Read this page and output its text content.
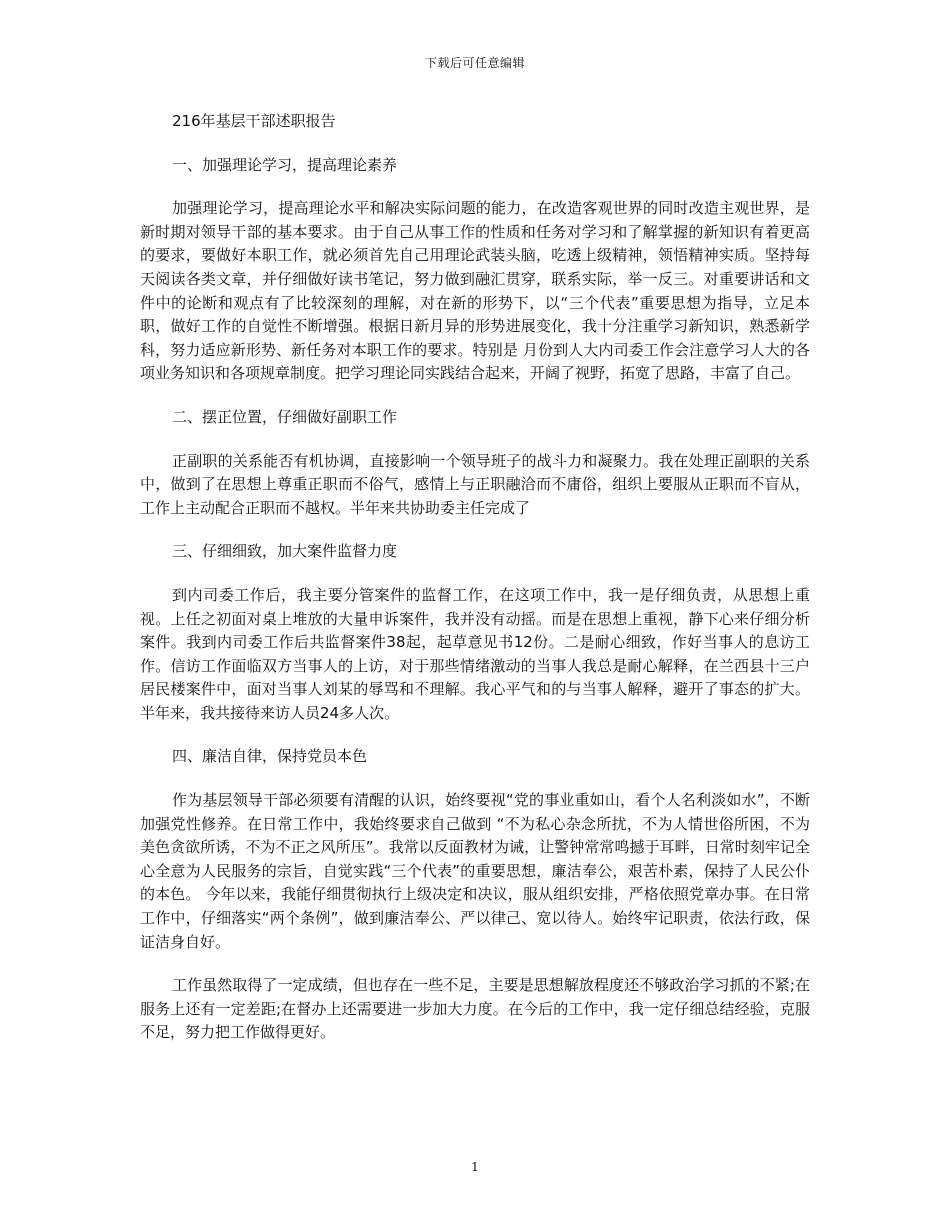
下载后可任意编辑

216年基层干部述职报告

一、加强理论学习，提高理论素养

加强理论学习，提高理论水平和解决实际问题的能力，在改造客观世界的同时改造主观世界，是新时期对领导干部的基本要求。由于自己从事工作的性质和任务对学习和了解掌握的新知识有着更高的要求，要做好本职工作，就必须首先自己用理论武装头脑，吃透上级精神，领悟精神实质。坚持每天阅读各类文章，并仔细做好读书笔记，努力做到融汇贯穿，联系实际，举一反三。对重要讲话和文件中的论断和观点有了比较深刻的理解，对在新的形势下，以“三个代表”重要思想为指导，立足本职，做好工作的自觉性不断增强。根据日新月异的形势进展变化，我十分注重学习新知识，熟悉新学科，努力适应新形势、新任务对本职工作的要求。特别是 月份到人大内司委工作会注意学习人大的各项业务知识和各项规章制度。把学习理论同实践结合起来，开阔了视野，拓宽了思路，丰富了自己。

二、摆正位置，仔细做好副职工作

正副职的关系能否有机协调，直接影响一个领导班子的战斗力和凝聚力。我在处理正副职的关系中，做到了在思想上尊重正职而不俗气，感情上与正职融洽而不庸俗，组织上要服从正职而不盲从，工作上主动配合正职而不越权。半年来共协助委主任完成了

三、仔细细致，加大案件监督力度

到内司委工作后，我主要分管案件的监督工作，在这项工作中，我一是仔细负责，从思想上重视。上任之初面对桌上堆放的大量申诉案件，我并没有动摇。而是在思想上重视，静下心来仔细分析案件。我到内司委工作后共监督案件38起，起草意见书12份。二是耐心细致，作好当事人的息访工作。信访工作面临双方当事人的上访，对于那些情绪激动的当事人我总是耐心解释，在兰西县十三户居民楼案件中，面对当事人刘某的辱骂和不理解。我心平气和的与当事人解释，避开了事态的扩大。半年来，我共接待来访人员24多人次。

四、廉洁自律，保持党员本色

作为基层领导干部必须要有清醒的认识，始终要视“党的事业重如山，看个人名利淡如水”，不断加强党性修养。在日常工作中，我始终要求自己做到 “不为私心杂念所扰，不为人情世俗所困，不为美色贪欲所诱，不为不正之风所压”。我常以反面教材为诫，让警钟常常鸣撼于耳畔，日常时刻牢记全心全意为人民服务的宗旨，自觉实践“三个代表”的重要思想，廉洁奉公，艰苦朴素，保持了人民公仆的本色。 今年以来，我能仔细贯彻执行上级决定和决议，服从组织安排，严格依照党章办事。在日常工作中，仔细落实“两个条例”，做到廉洁奉公、严以律己、宽以待人。始终牢记职责，依法行政，保证洁身自好。

工作虽然取得了一定成绩，但也存在一些不足，主要是思想解放程度还不够政治学习抓的不紧;在服务上还有一定差距;在督办上还需要进一步加大力度。在今后的工作中，我一定仔细总结经验，克服不足，努力把工作做得更好。

1
